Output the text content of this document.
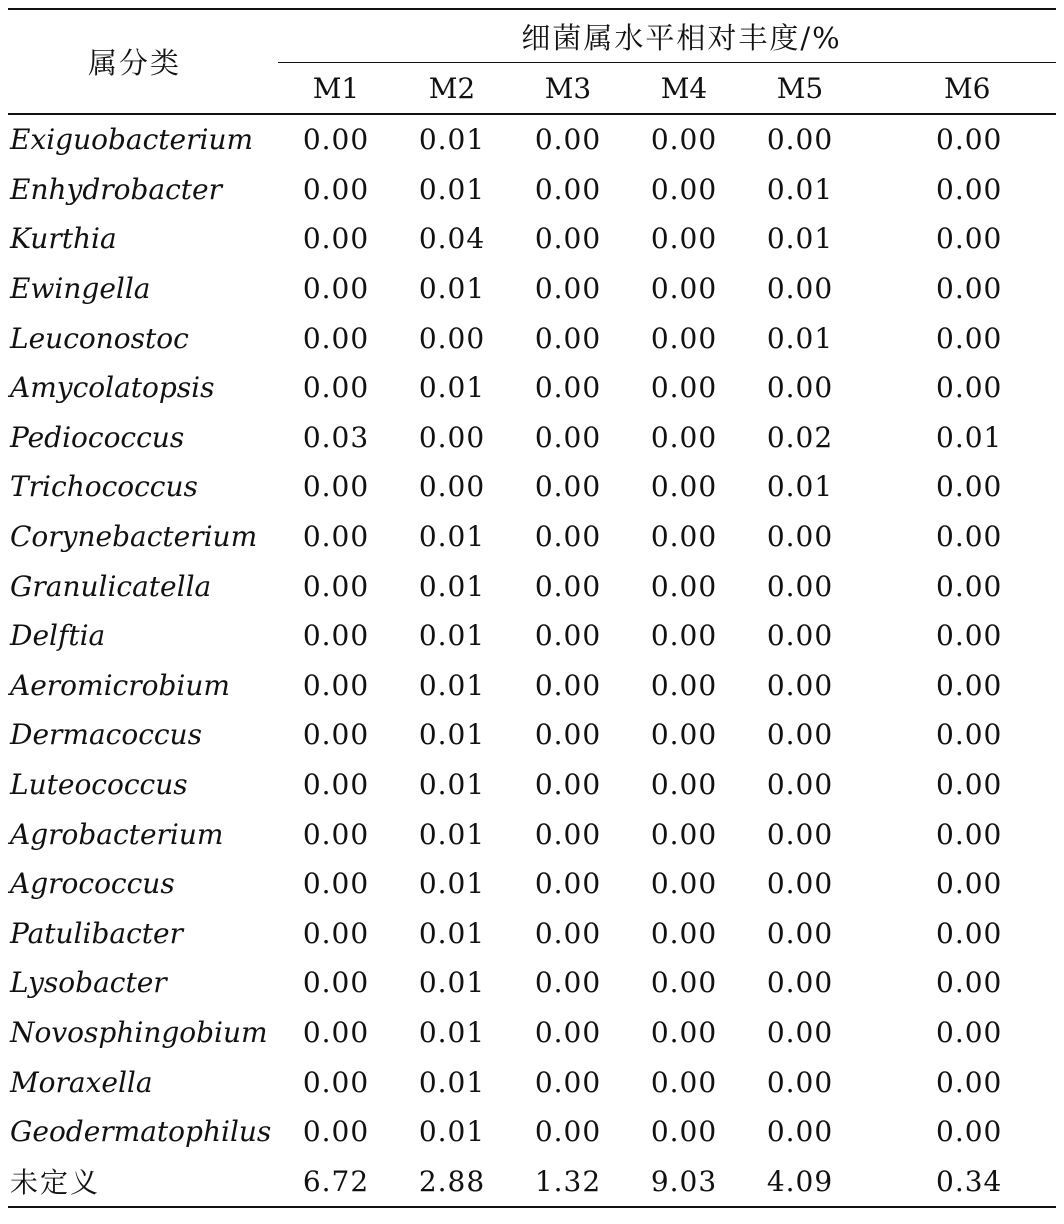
属分类	细菌属水平相对丰度/%					
	M1	M2	M3	M4	M5	M6
Exiguobacterium	0.00	0.01	0.00	0.00	0.00	0.00
Enhydrobacter	0.00	0.01	0.00	0.00	0.01	0.00
Kurthia	0.00	0.04	0.00	0.00	0.01	0.00
Ewingella	0.00	0.01	0.00	0.00	0.00	0.00
Leuconostoc	0.00	0.00	0.00	0.00	0.01	0.00
Amycolatopsis	0.00	0.01	0.00	0.00	0.00	0.00
Pediococcus	0.03	0.00	0.00	0.00	0.02	0.01
Trichococcus	0.00	0.00	0.00	0.00	0.01	0.00
Corynebacterium	0.00	0.01	0.00	0.00	0.00	0.00
Granulicatella	0.00	0.01	0.00	0.00	0.00	0.00
Delftia	0.00	0.01	0.00	0.00	0.00	0.00
Aeromicrobium	0.00	0.01	0.00	0.00	0.00	0.00
Dermacoccus	0.00	0.01	0.00	0.00	0.00	0.00
Luteococcus	0.00	0.01	0.00	0.00	0.00	0.00
Agrobacterium	0.00	0.01	0.00	0.00	0.00	0.00
Agrococcus	0.00	0.01	0.00	0.00	0.00	0.00
Patulibacter	0.00	0.01	0.00	0.00	0.00	0.00
Lysobacter	0.00	0.01	0.00	0.00	0.00	0.00
Novosphingobium	0.00	0.01	0.00	0.00	0.00	0.00
Moraxella	0.00	0.01	0.00	0.00	0.00	0.00
Geodermatophilus	0.00	0.01	0.00	0.00	0.00	0.00
未定义	6.72	2.88	1.32	9.03	4.09	0.34
